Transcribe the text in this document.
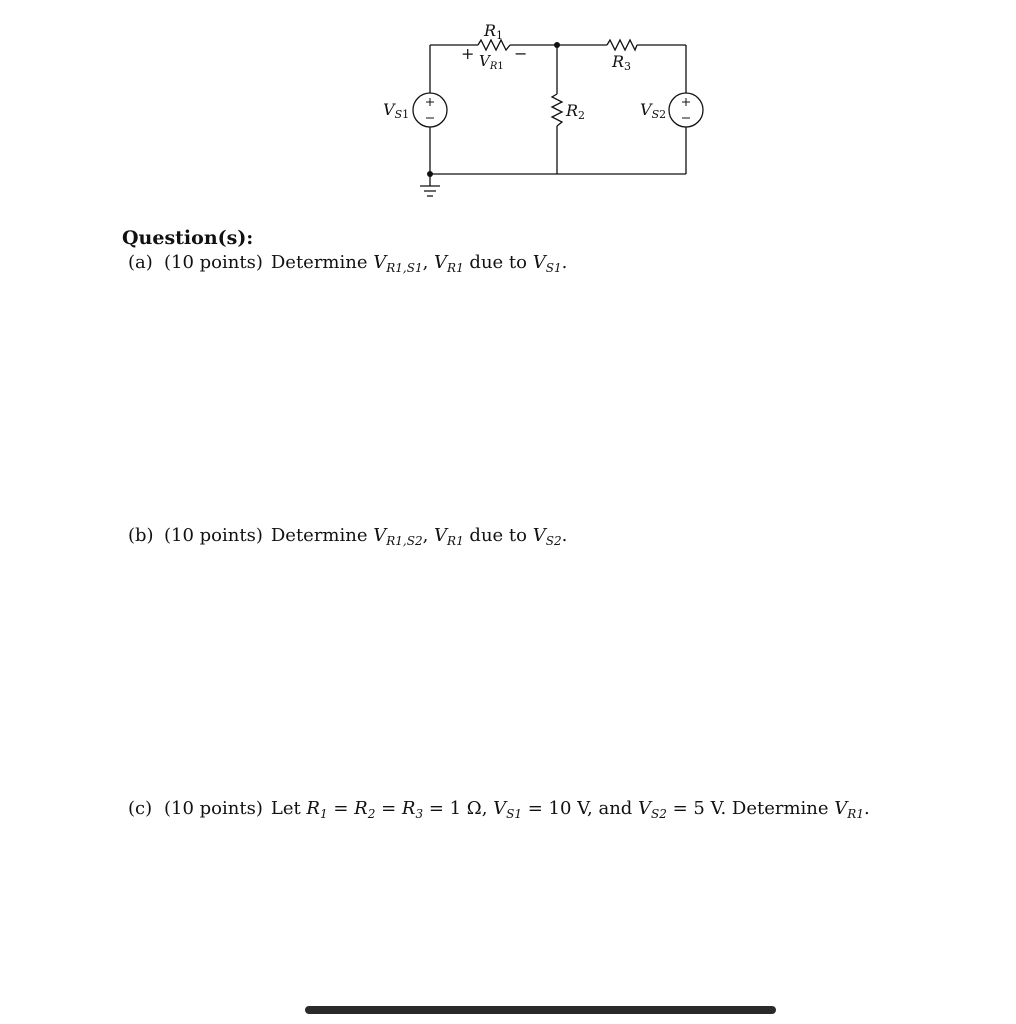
R1
R3
R2
+ $V_R1$
−
VS1	VS2
Question(s):
(a) (10 points) Determine $V_{R1,S1}$, $V_{R1}$ due to $V_{S1}$.
(b) (10 points) Determine $V_{R1,S2}$, $V_{R1}$ due to $V_{S2}$.
(c) (10 points) Let $R_1 = R_2 = R_3 = 1$ Ω, $V_{S1} = 10$ V, and $V_{S2} = 5$ V. Determine $V_{R1}$.
